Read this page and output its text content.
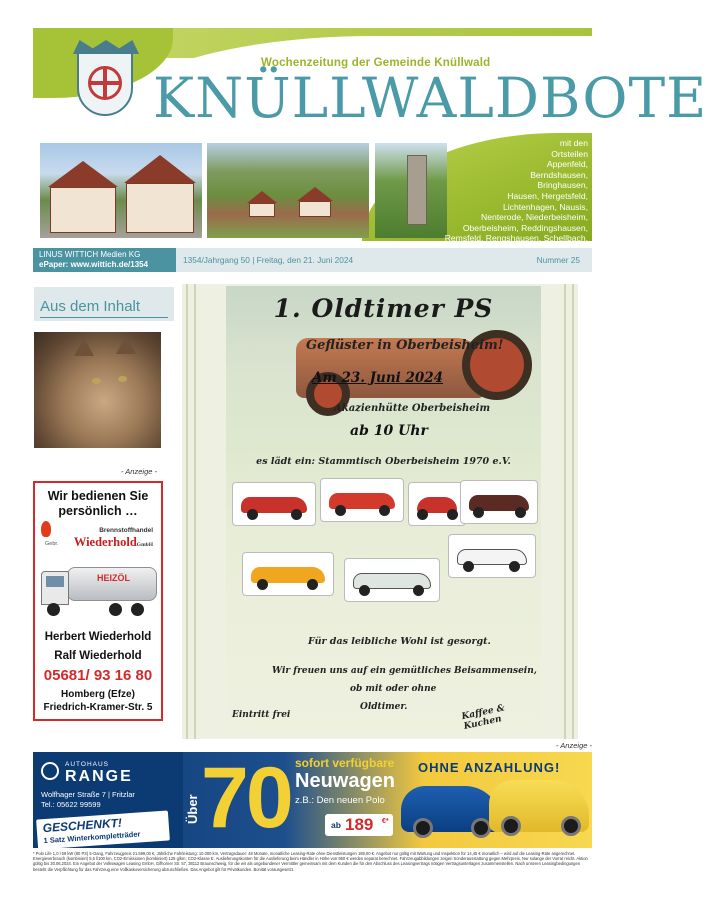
Wochenzeitung der Gemeinde Knüllwald
KNÜLLWALDBOTE
mit den
Ortsteilen
Appenfeld,
Berndshausen,
Bringhausen,
Hausen, Hergetsfeld,
Lichtenhagen, Nausis,
Nenterode, Niederbeisheim,
Oberbeisheim, Reddingshausen,
Remsfeld, Rengshausen, Schellbach,
LINUS WITTICH Medien KG
ePaper: www.wittich.de/1354	1354/Jahrgang 50 | Freitag, den 21. Juni 2024	Nummer 25
Aus dem Inhalt
- Anzeige -
Wir bedienen Sie
persönlich …
Brennstoffhandel
Gebr. WiederholdGmbH
HEIZÖL
Herbert Wiederhold
Ralf Wiederhold
05681/ 93 16 80
Homberg (Efze)
Friedrich-Kramer-Str. 5
1. Oldtimer PS
Geflüster in Oberbeisheim!
Am 23. Juni 2024
Akazienhütte Oberbeisheim
ab 10 Uhr
es lädt ein: Stammtisch Oberbeisheim 1970 e.V.
Für das leibliche Wohl ist gesorgt.
Wir freuen uns auf ein gemütliches Beisammensein,
ob mit oder ohne
Oldtimer.
Eintritt frei	Kaffee & Kuchen
- Anzeige -
AUTOHAUS
RANGE
Wolfhager Straße 7 | Fritzlar
Tel.: 05622 99599
GESCHENKT!
1 Satz Winterkompletträder
Über 70 sofort verfügbare
Neuwagen
z.B.: Den neuen Polo
ab 189 €*
OHNE ANZAHLUNG!
* Polo Life 1,0 l 59 kW (80 PS) 5-Gang, Fahrzeugpreis 21.599,00 €, Jährliche Fahrleistung: 10.000 km, Vertragsdauer: 48 Monate, monatliche Leasing-Rate ohne Dienstleistungen 189,00 €. Angebot nur gültig mit Wartung und Inspektion für 14,45 € monatlich – wird auf die Leasing-Rate angerechnet. Energieverbrauch (kombiniert) 5,5 l/100 km, CO2-Emissionen (kombiniert) 125 g/km; CO2-Klasse E. Auslieferungskosten für die Auslieferung beim Händler in Höhe von 950 € werden separat berechnet. Fahrzeugabbildungen zeigen Sonderausstattung gegen Mehrpreis. Nur solange der Vorrat reicht. Aktion gültig bis 30.06.2024. Ein Angebot der Volkswagen Leasing GmbH, Gifhorner Str. 57, 38112 Braunschweig, für die wir als ungebundener Vermittler gemeinsam mit dem Kunden die für den Abschluss des Leasingvertrags nötigen Vertragsunterlagen zusammenstellen. Nach unseren Leasingbedingungen besteht die Verpflichtung für das Fahrzeug eine Vollkaskoversicherung abzuschließen. Das Angebot gilt für Privatkunden. Bonität vorausgesetzt.
